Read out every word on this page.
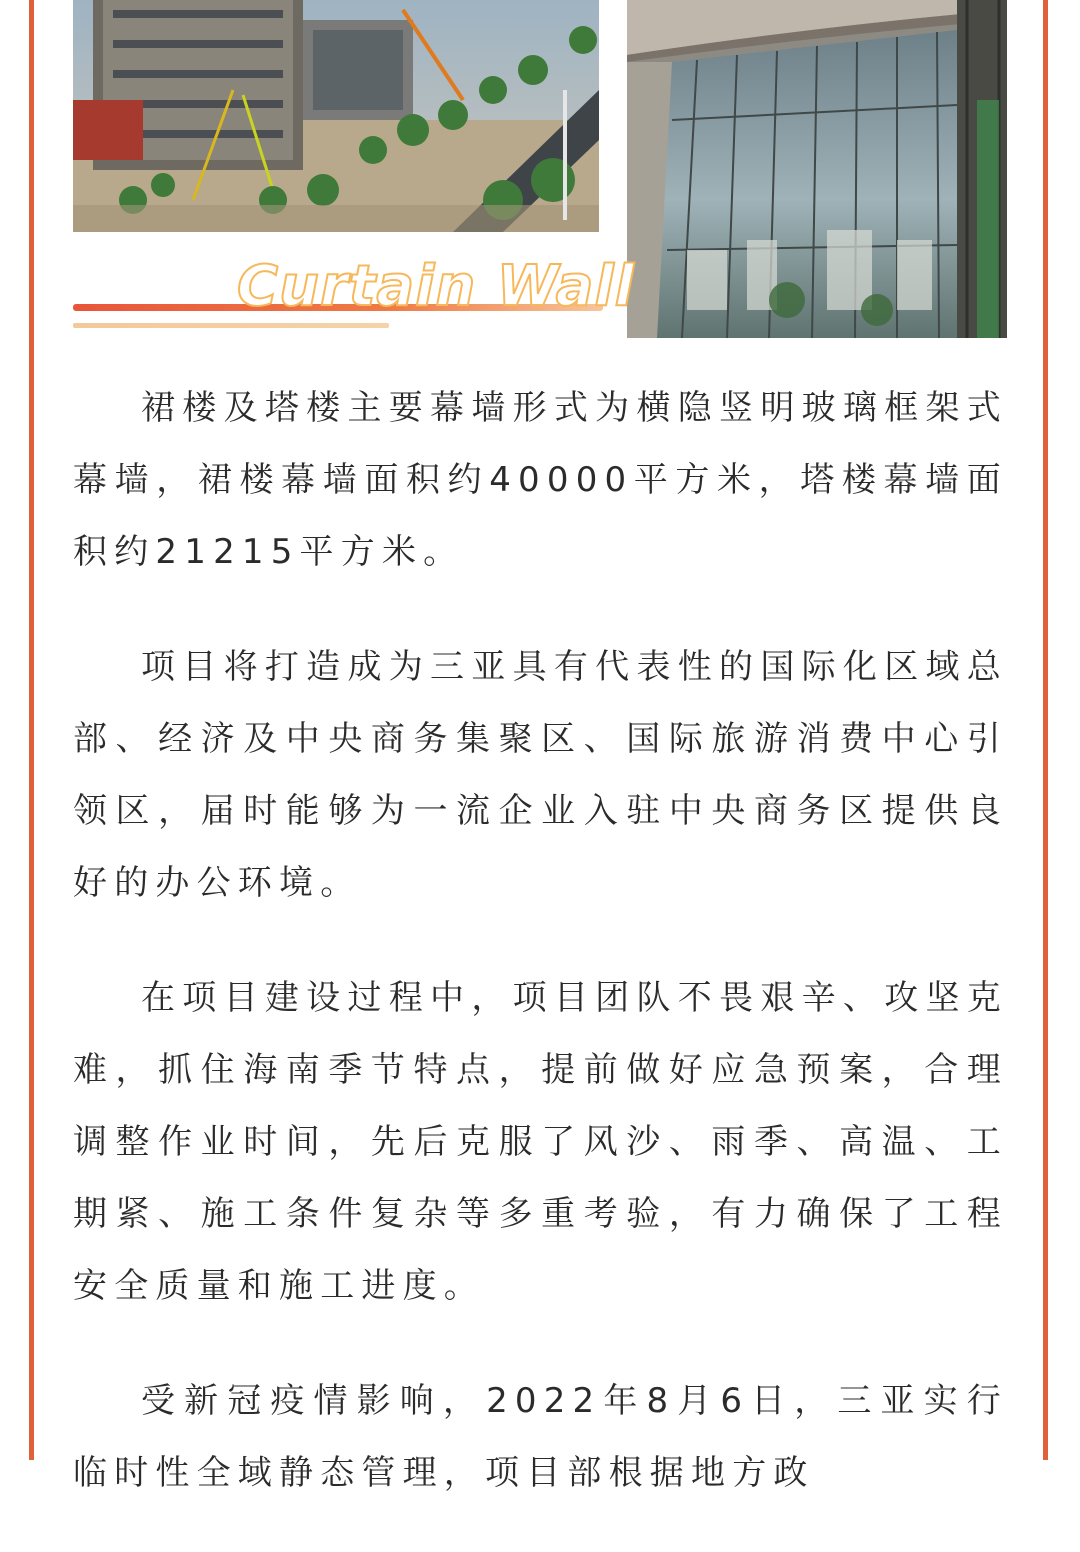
Curtain Wall

裙楼及塔楼主要幕墙形式为横隐竖明玻璃框架式幕墙，裙楼幕墙面积约40000平方米，塔楼幕墙面积约21215平方米。

项目将打造成为三亚具有代表性的国际化区域总部、经济及中央商务集聚区、国际旅游消费中心引领区，届时能够为一流企业入驻中央商务区提供良好的办公环境。

在项目建设过程中，项目团队不畏艰辛、攻坚克难，抓住海南季节特点，提前做好应急预案，合理调整作业时间，先后克服了风沙、雨季、高温、工期紧、施工条件复杂等多重考验，有力确保了工程安全质量和施工进度。

受新冠疫情影响，2022年8月6日，三亚实行临时性全域静态管理，项目部根据地方政
